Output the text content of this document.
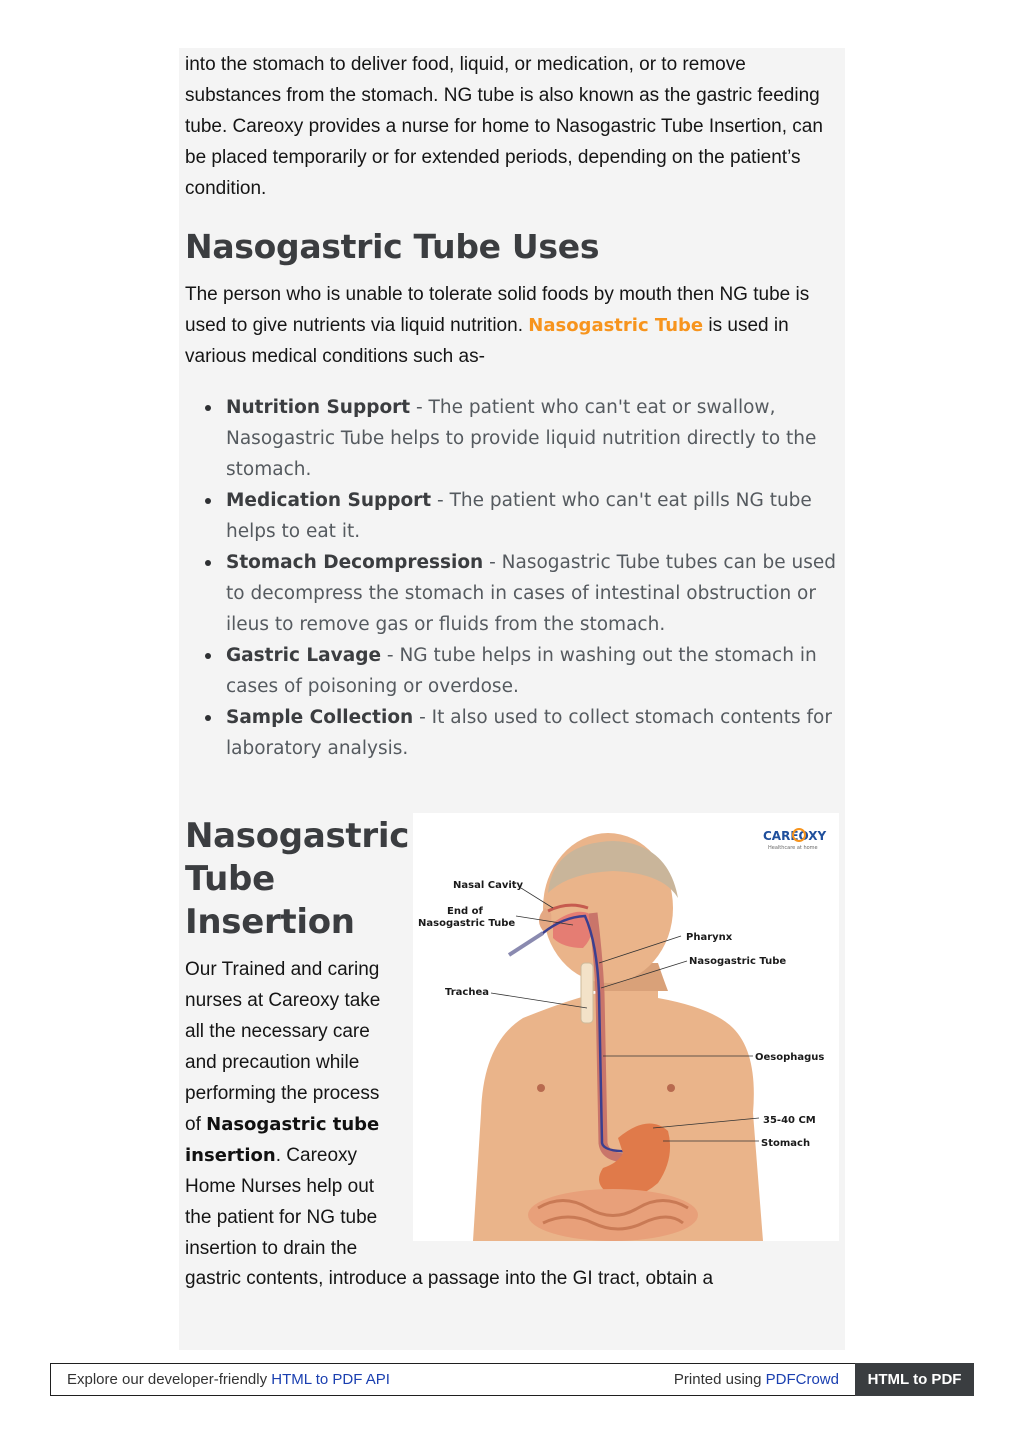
into the stomach to deliver food, liquid, or medication, or to remove substances from the stomach. NG tube is also known as the gastric feeding tube. Careoxy provides a nurse for home to Nasogastric Tube Insertion, can be placed temporarily or for extended periods, depending on the patient’s condition.

Nasogastric Tube Uses

The person who is unable to tolerate solid foods by mouth then NG tube is used to give nutrients via liquid nutrition. Nasogastric Tube is used in various medical conditions such as-

Nutrition Support - The patient who can't eat or swallow, Nasogastric Tube helps to provide liquid nutrition directly to the stomach.
Medication Support - The patient who can't eat pills NG tube helps to eat it.
Stomach Decompression - Nasogastric Tube tubes can be used to decompress the stomach in cases of intestinal obstruction or ileus to remove gas or fluids from the stomach.
Gastric Lavage - NG tube helps in washing out the stomach in cases of poisoning or overdose.
Sample Collection - It also used to collect stomach contents for laboratory analysis.
Nasogastric Tube Insertion

Our Trained and caring nurses at Careoxy take all the necessary care and precaution while performing the process of Nasogastric tube insertion. Careoxy Home Nurses help out the patient for NG tube insertion to drain the

gastric contents, introduce a passage into the GI tract, obtain a

CAREOXY
Healthcare at home
Nasal Cavity
End of
Nasogastric Tube
Pharynx
Nasogastric Tube
Trachea
Oesophagus
35-40 CM
Stomach
Explore our developer-friendly HTML to PDF API	Printed using PDFCrowd	HTML to PDF
